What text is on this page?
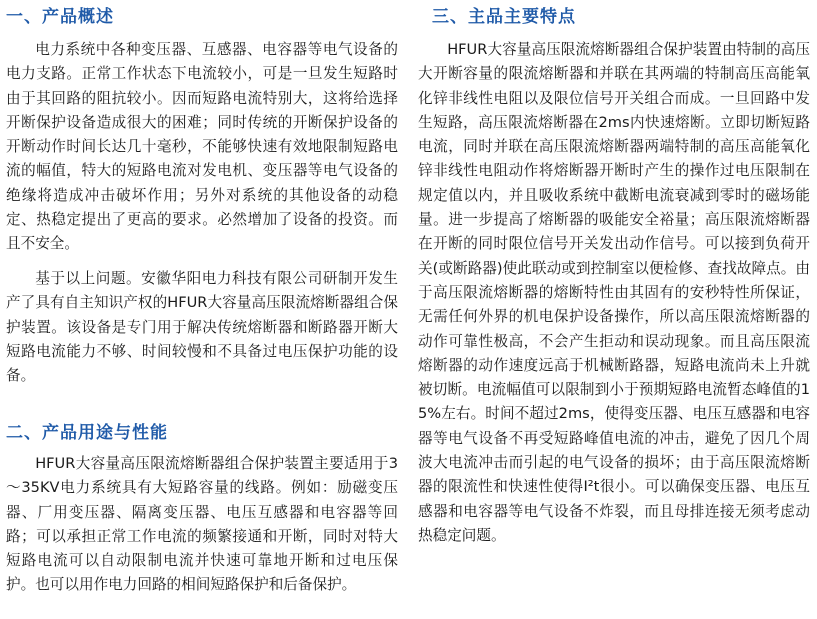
一、产品概述

电力系统中各种变压器、互感器、电容器等电气设备的电力支路。正常工作状态下电流较小，可是一旦发生短路时由于其回路的阻抗较小。因而短路电流特别大，这将给选择开断保护设备造成很大的困难；同时传统的开断保护设备的开断动作时间长达几十毫秒，不能够快速有效地限制短路电流的幅值，特大的短路电流对发电机、变压器等电气设备的绝缘将造成冲击破坏作用；另外对系统的其他设备的动稳定、热稳定提出了更高的要求。必然增加了设备的投资。而且不安全。

基于以上问题。安徽华阳电力科技有限公司研制开发生产了具有自主知识产权的HFUR大容量高压限流熔断器组合保护装置。该设备是专门用于解决传统熔断器和断路器开断大短路电流能力不够、时间较慢和不具备过电压保护功能的设备。

二、产品用途与性能

HFUR大容量高压限流熔断器组合保护装置主要适用于3～35KV电力系统具有大短路容量的线路。例如：励磁变压器、厂用变压器、隔离变压器、电压互感器和电容器等回路；可以承担正常工作电流的频繁接通和开断，同时对特大短路电流可以自动限制电流并快速可靠地开断和过电压保护。也可以用作电力回路的相间短路保护和后备保护。

三、主品主要特点

HFUR大容量高压限流熔断器组合保护装置由特制的高压大开断容量的限流熔断器和并联在其两端的特制高压高能氧化锌非线性电阻以及限位信号开关组合而成。一旦回路中发生短路，高压限流熔断器在2ms内快速熔断。立即切断短路电流，同时并联在高压限流熔断器两端特制的高压高能氧化锌非线性电阻动作将熔断器开断时产生的操作过电压限制在规定值以内，并且吸收系统中截断电流衰减到零时的磁场能量。进一步提高了熔断器的吸能安全裕量；高压限流熔断器在开断的同时限位信号开关发出动作信号。可以接到负荷开关(或断路器)使此联动或到控制室以便检修、查找故障点。由于高压限流熔断器的熔断特性由其固有的安秒特性所保证，无需任何外界的机电保护设备操作，所以高压限流熔断器的动作可靠性极高，不会产生拒动和误动现象。而且高压限流熔断器的动作速度远高于机械断路器，短路电流尚未上升就被切断。电流幅值可以限制到小于预期短路电流暂态峰值的15%左右。时间不超过2ms，使得变压器、电压互感器和电容器等电气设备不再受短路峰值电流的冲击，避免了因几个周波大电流冲击而引起的电气设备的损坏；由于高压限流熔断器的限流性和快速性使得I²t很小。可以确保变压器、电压互感器和电容器等电气设备不炸裂，而且母排连接无须考虑动热稳定问题。
